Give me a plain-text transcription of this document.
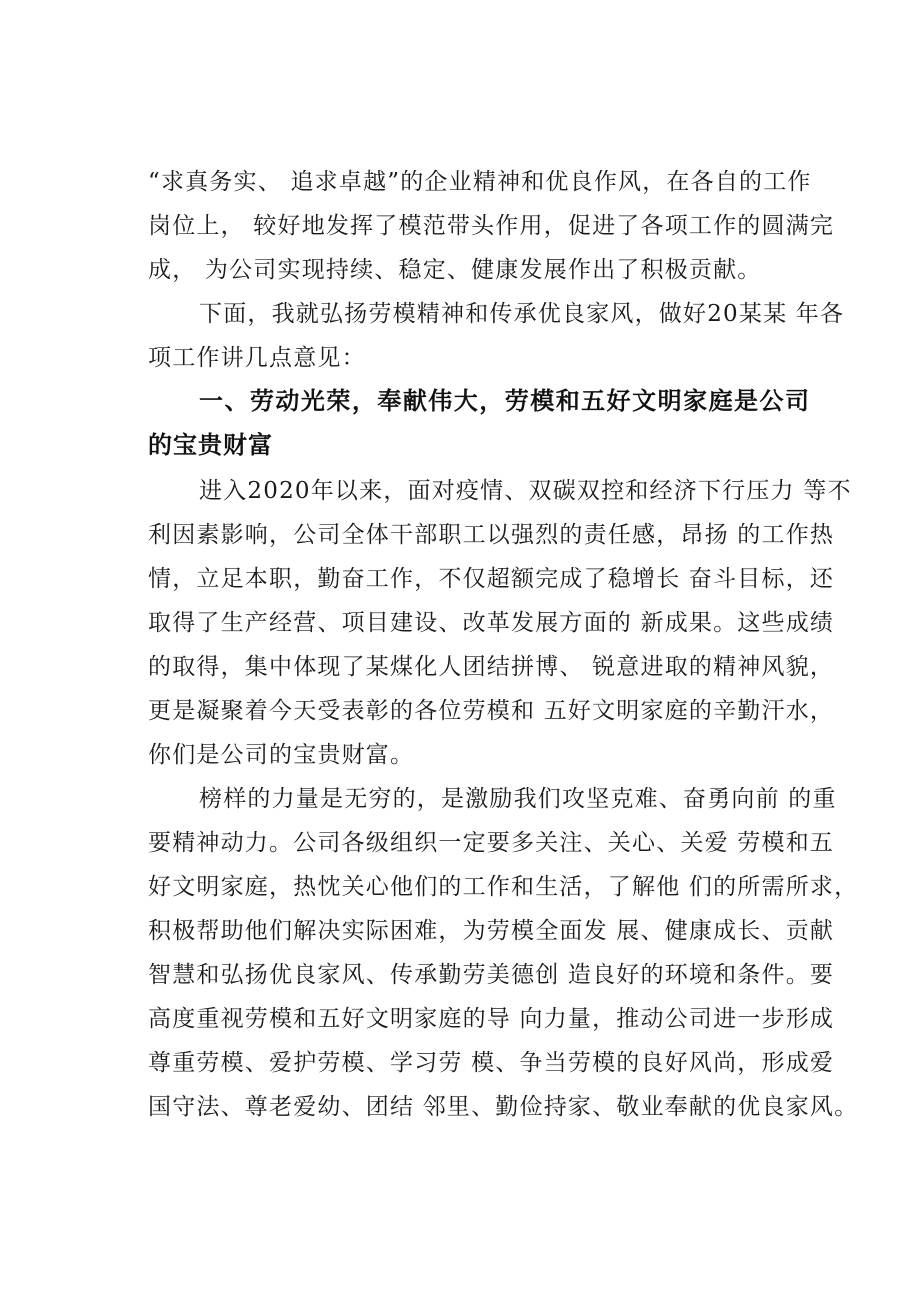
“求真务实、 追求卓越”的企业精神和优良作风，在各自的工作
岗位上， 较好地发挥了模范带头作用，促进了各项工作的圆满完
成， 为公司实现持续、稳定、健康发展作出了积极贡献。
下面，我就弘扬劳模精神和传承优良家风，做好20某某 年各
项工作讲几点意见：
一、劳动光荣，奉献伟大，劳模和五好文明家庭是公司
的宝贵财富
进入2020年以来，面对疫情、双碳双控和经济下行压力 等不
利因素影响，公司全体干部职工以强烈的责任感，昂扬 的工作热
情，立足本职，勤奋工作，不仅超额完成了稳增长 奋斗目标，还
取得了生产经营、项目建设、改革发展方面的 新成果。这些成绩
的取得，集中体现了某煤化人团结拼博、 锐意进取的精神风貌，
更是凝聚着今天受表彰的各位劳模和 五好文明家庭的辛勤汗水，
你们是公司的宝贵财富。
榜样的力量是无穷的，是激励我们攻坚克难、奋勇向前 的重
要精神动力。公司各级组织一定要多关注、关心、关爱 劳模和五
好文明家庭，热忱关心他们的工作和生活，了解他 们的所需所求，
积极帮助他们解决实际困难，为劳模全面发 展、健康成长、贡献
智慧和弘扬优良家风、传承勤劳美德创 造良好的环境和条件。要
高度重视劳模和五好文明家庭的导 向力量，推动公司进一步形成
尊重劳模、爱护劳模、学习劳 模、争当劳模的良好风尚，形成爱
国守法、尊老爱幼、团结 邻里、勤俭持家、敬业奉献的优良家风。
